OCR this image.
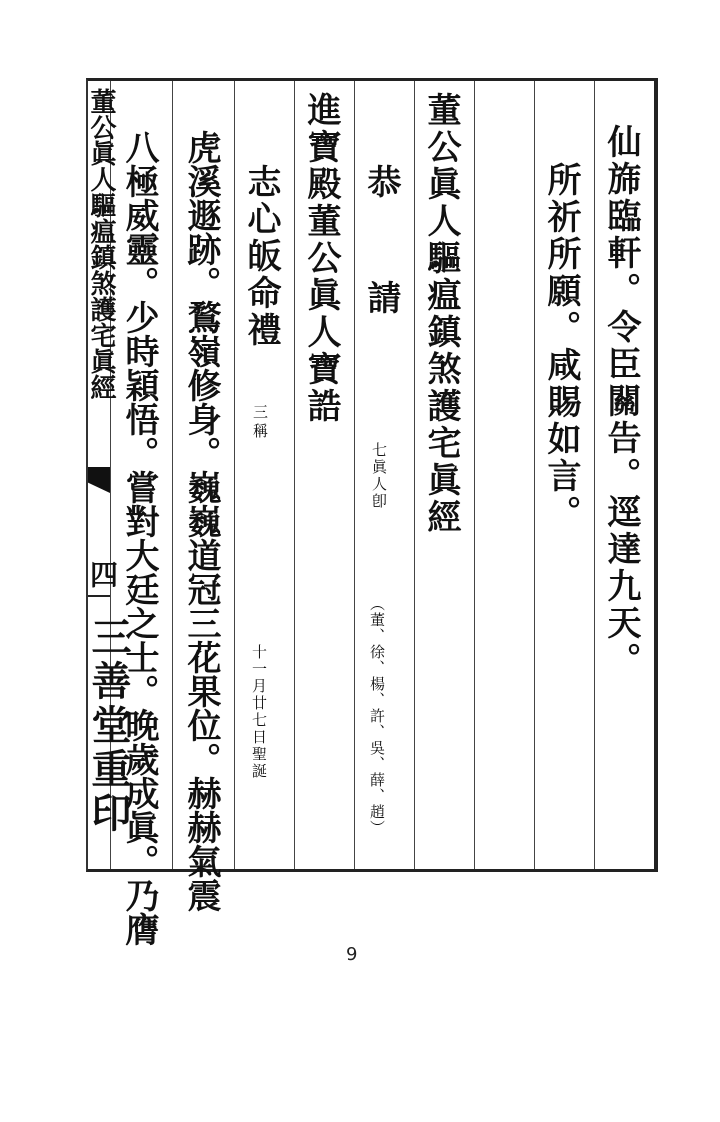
董公眞人驅瘟鎮煞護宅眞經
四
三善堂重印
仙旆臨軒。令臣關告。逕達九天。
所祈所願。咸賜如言。
董公眞人驅瘟鎮煞護宅眞經
恭　請
七眞人卽
（董、徐、楊、許、吳、薛、趙）
進寶殿董公眞人寶誥
志心皈命禮
三稱
十一月廿七日聖誕
虎溪遯跡。鶩嶺修身。巍巍道冠三花果位。赫赫氣震
八極威靈。少時穎悟。嘗對大廷之士。晚歲成眞。乃膺
9
